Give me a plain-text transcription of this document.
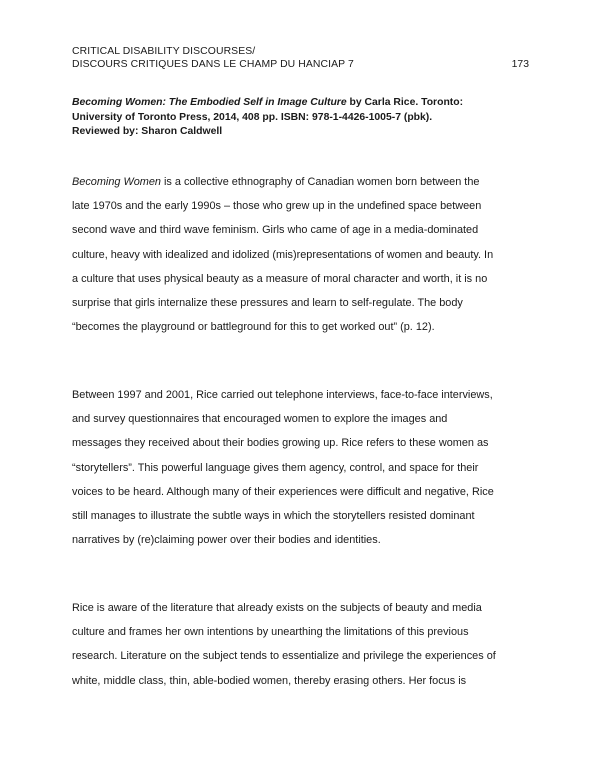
CRITICAL DISABILITY DISCOURSES/
DISCOURS CRITIQUES DANS LE CHAMP DU HANCIAP 7	173
Becoming Women: The Embodied Self in Image Culture by Carla Rice. Toronto:
University of Toronto Press, 2014, 408 pp. ISBN: 978-1-4426-1005-7 (pbk).
Reviewed by: Sharon Caldwell
Becoming Women is a collective ethnography of Canadian women born between the
late 1970s and the early 1990s – those who grew up in the undefined space between
second wave and third wave feminism. Girls who came of age in a media-dominated
culture, heavy with idealized and idolized (mis)representations of women and beauty. In
a culture that uses physical beauty as a measure of moral character and worth, it is no
surprise that girls internalize these pressures and learn to self-regulate. The body
“becomes the playground or battleground for this to get worked out” (p. 12).
Between 1997 and 2001, Rice carried out telephone interviews, face-to-face interviews,
and survey questionnaires that encouraged women to explore the images and
messages they received about their bodies growing up. Rice refers to these women as
“storytellers”. This powerful language gives them agency, control, and space for their
voices to be heard. Although many of their experiences were difficult and negative, Rice
still manages to illustrate the subtle ways in which the storytellers resisted dominant
narratives by (re)claiming power over their bodies and identities.
Rice is aware of the literature that already exists on the subjects of beauty and media
culture and frames her own intentions by unearthing the limitations of this previous
research. Literature on the subject tends to essentialize and privilege the experiences of
white, middle class, thin, able-bodied women, thereby erasing others. Her focus is
